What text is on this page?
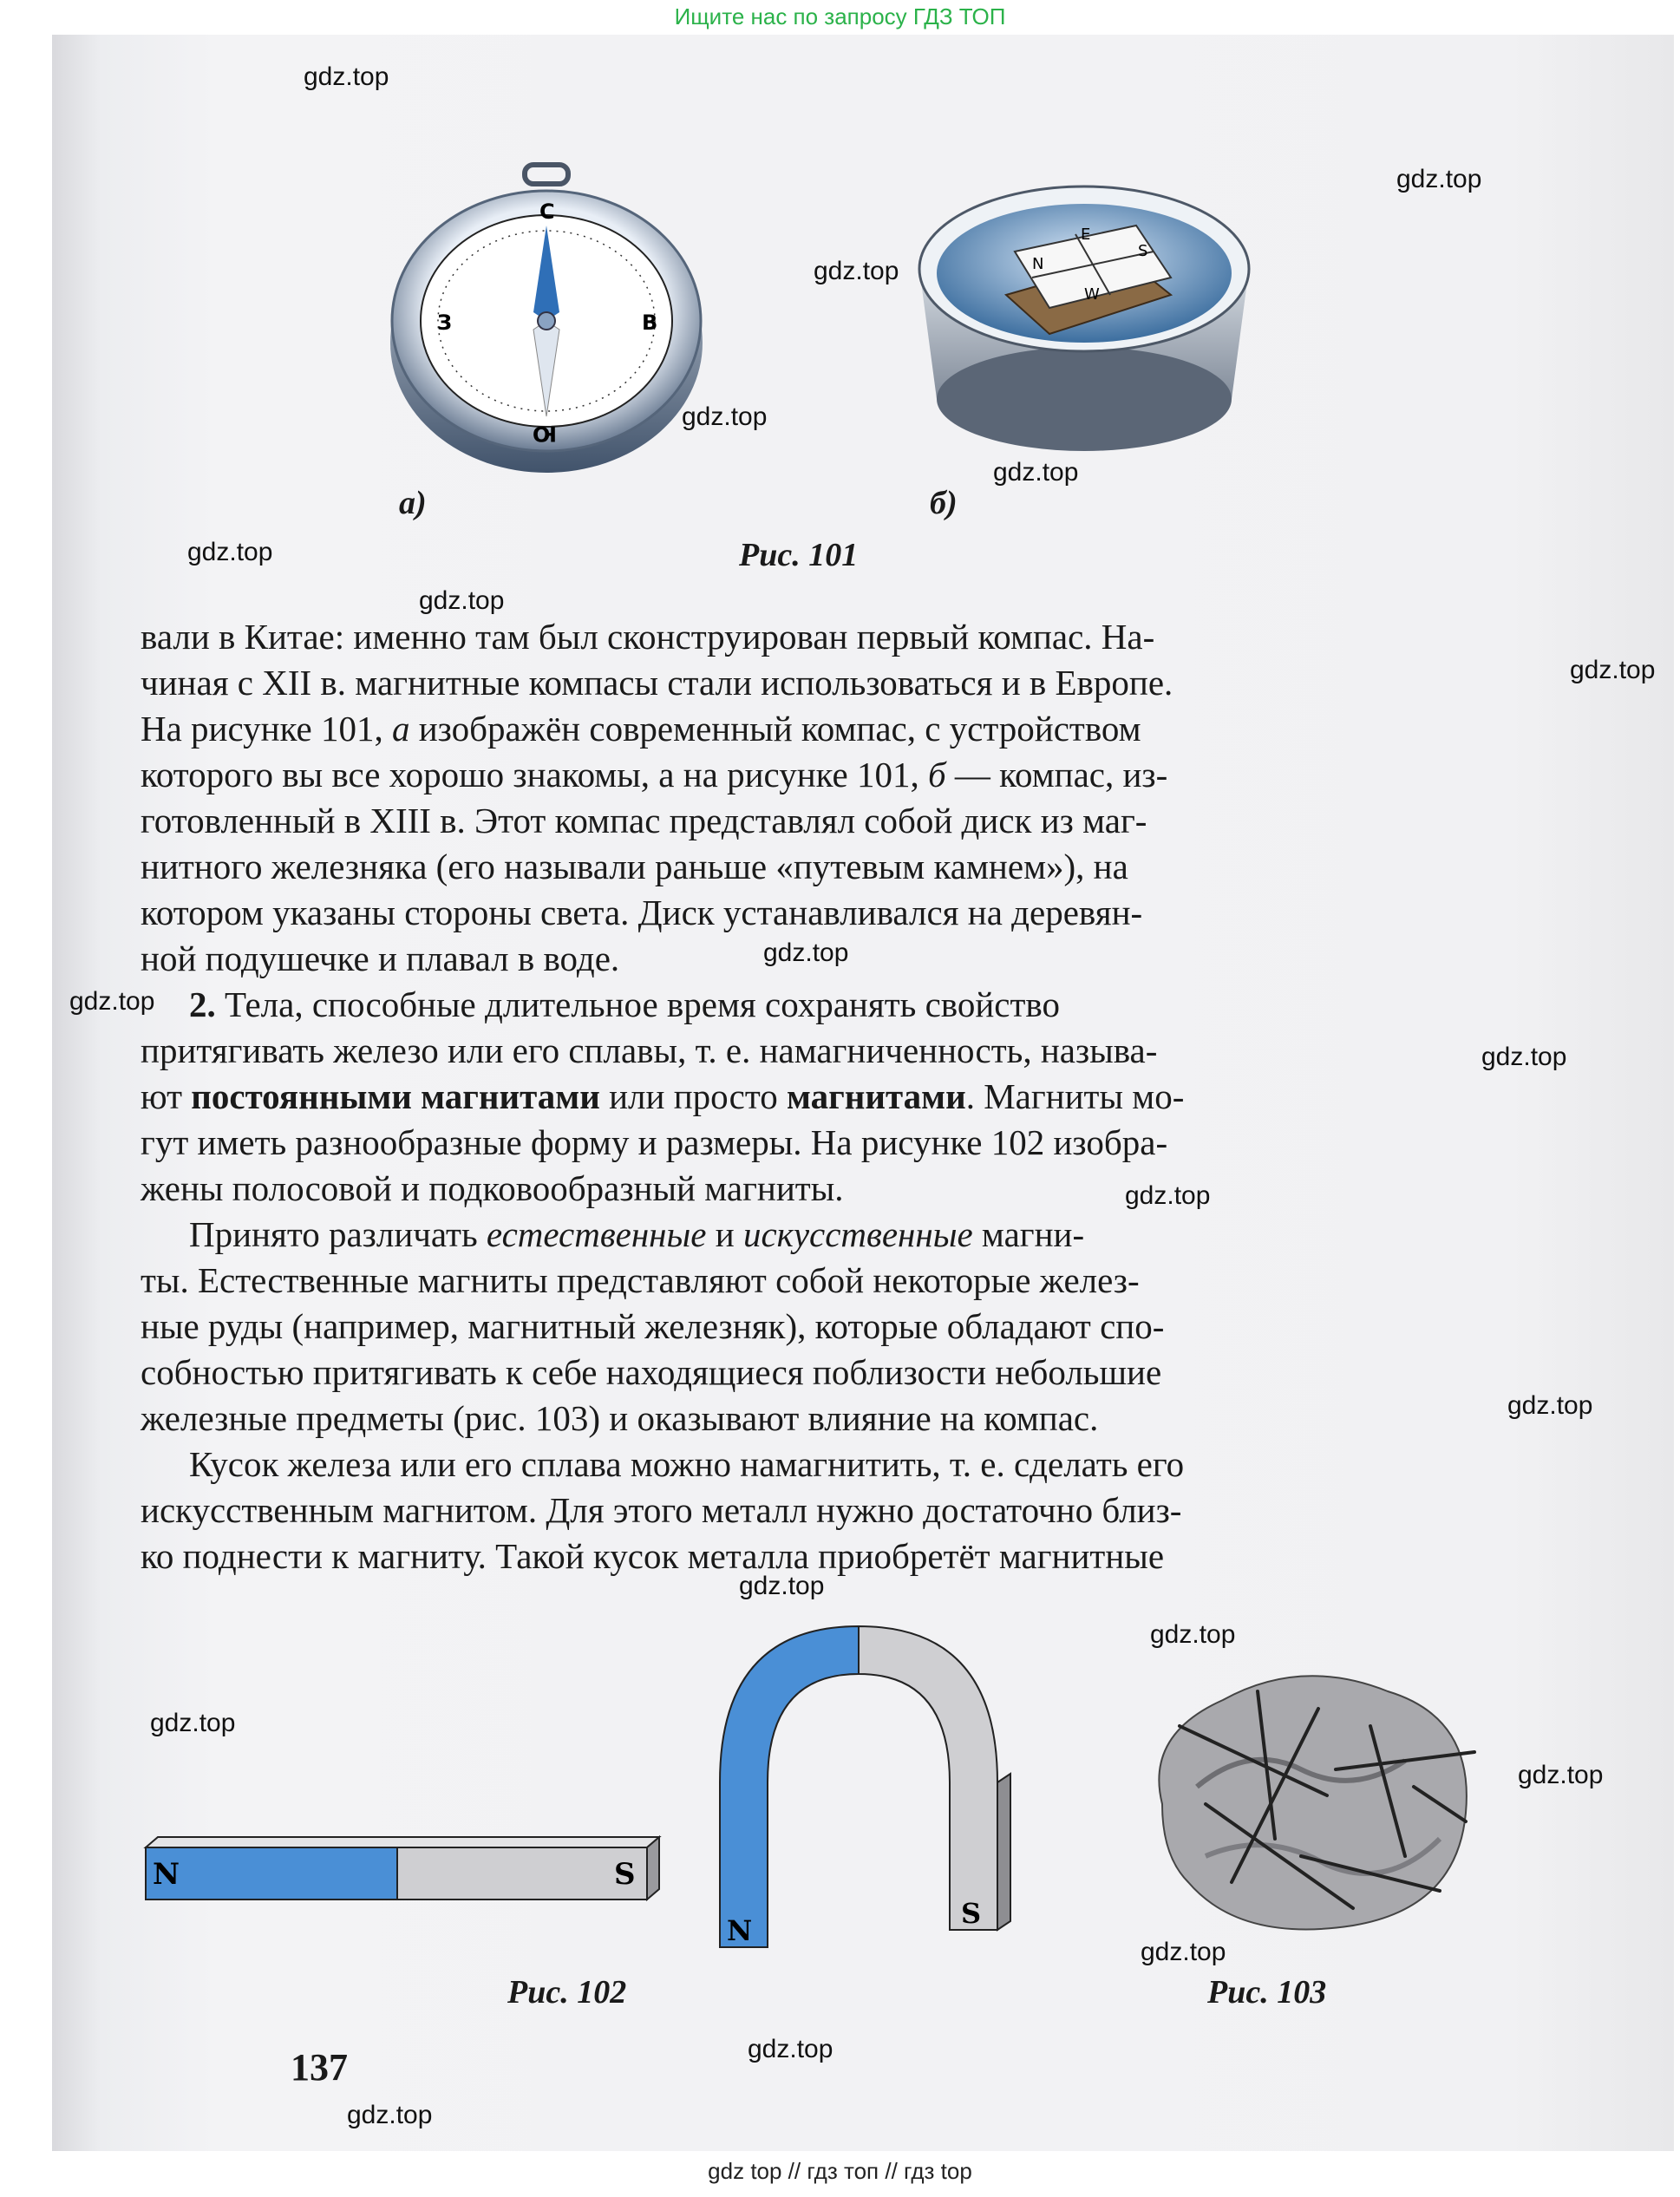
Ищите нас по запросу ГДЗ ТОП
С
Ю
В
З
N
S
W
E
а)	б)
Рис. 101
вали в Китае: именно там был сконструирован первый компас. На-
чиная с XII в. магнитные компасы стали использоваться и в Европе.
На рисунке 101, а изображён современный компас, с устройством
которого вы все хорошо знакомы, а на рисунке 101, б — компас, из-
готовленный в XIII в. Этот компас представлял собой диск из маг-
нитного железняка (его называли раньше «путевым камнем»), на
котором указаны стороны света. Диск устанавливался на деревян-
ной подушечке и плавал в воде.
2. Тела, способные длительное время сохранять свойство
притягивать железо или его сплавы, т. е. намагниченность, называ-
ют постоянными магнитами или просто магнитами . Магниты мо-
гут иметь разнообразные форму и размеры. На рисунке 102 изобра-
жены полосовой и подковообразный магниты.
Принято различать естественные и искусственные магни-
ты. Естественные магниты представляют собой некоторые желез-
ные руды (например, магнитный железняк), которые обладают спо-
собностью притягивать к себе находящиеся поблизости небольшие
железные предметы (рис. 103) и оказывают влияние на компас.
Кусок железа или его сплава можно намагнитить, т. е. сделать его
искусственным магнитом. Для этого металл нужно достаточно близ-
ко поднести к магниту. Такой кусок металла приобретёт магнитные
N	S
N
S
Рис. 102	Рис. 103
137
gdz.top
gdz.top
gdz.top
gdz.top
gdz.top
gdz.top
gdz.top
gdz.top
gdz.top
gdz.top
gdz.top
gdz.top
gdz.top
gdz.top
gdz.top
gdz.top
gdz.top
gdz.top
gdz.top
gdz.top
gdz top // гдз топ // гдз top
